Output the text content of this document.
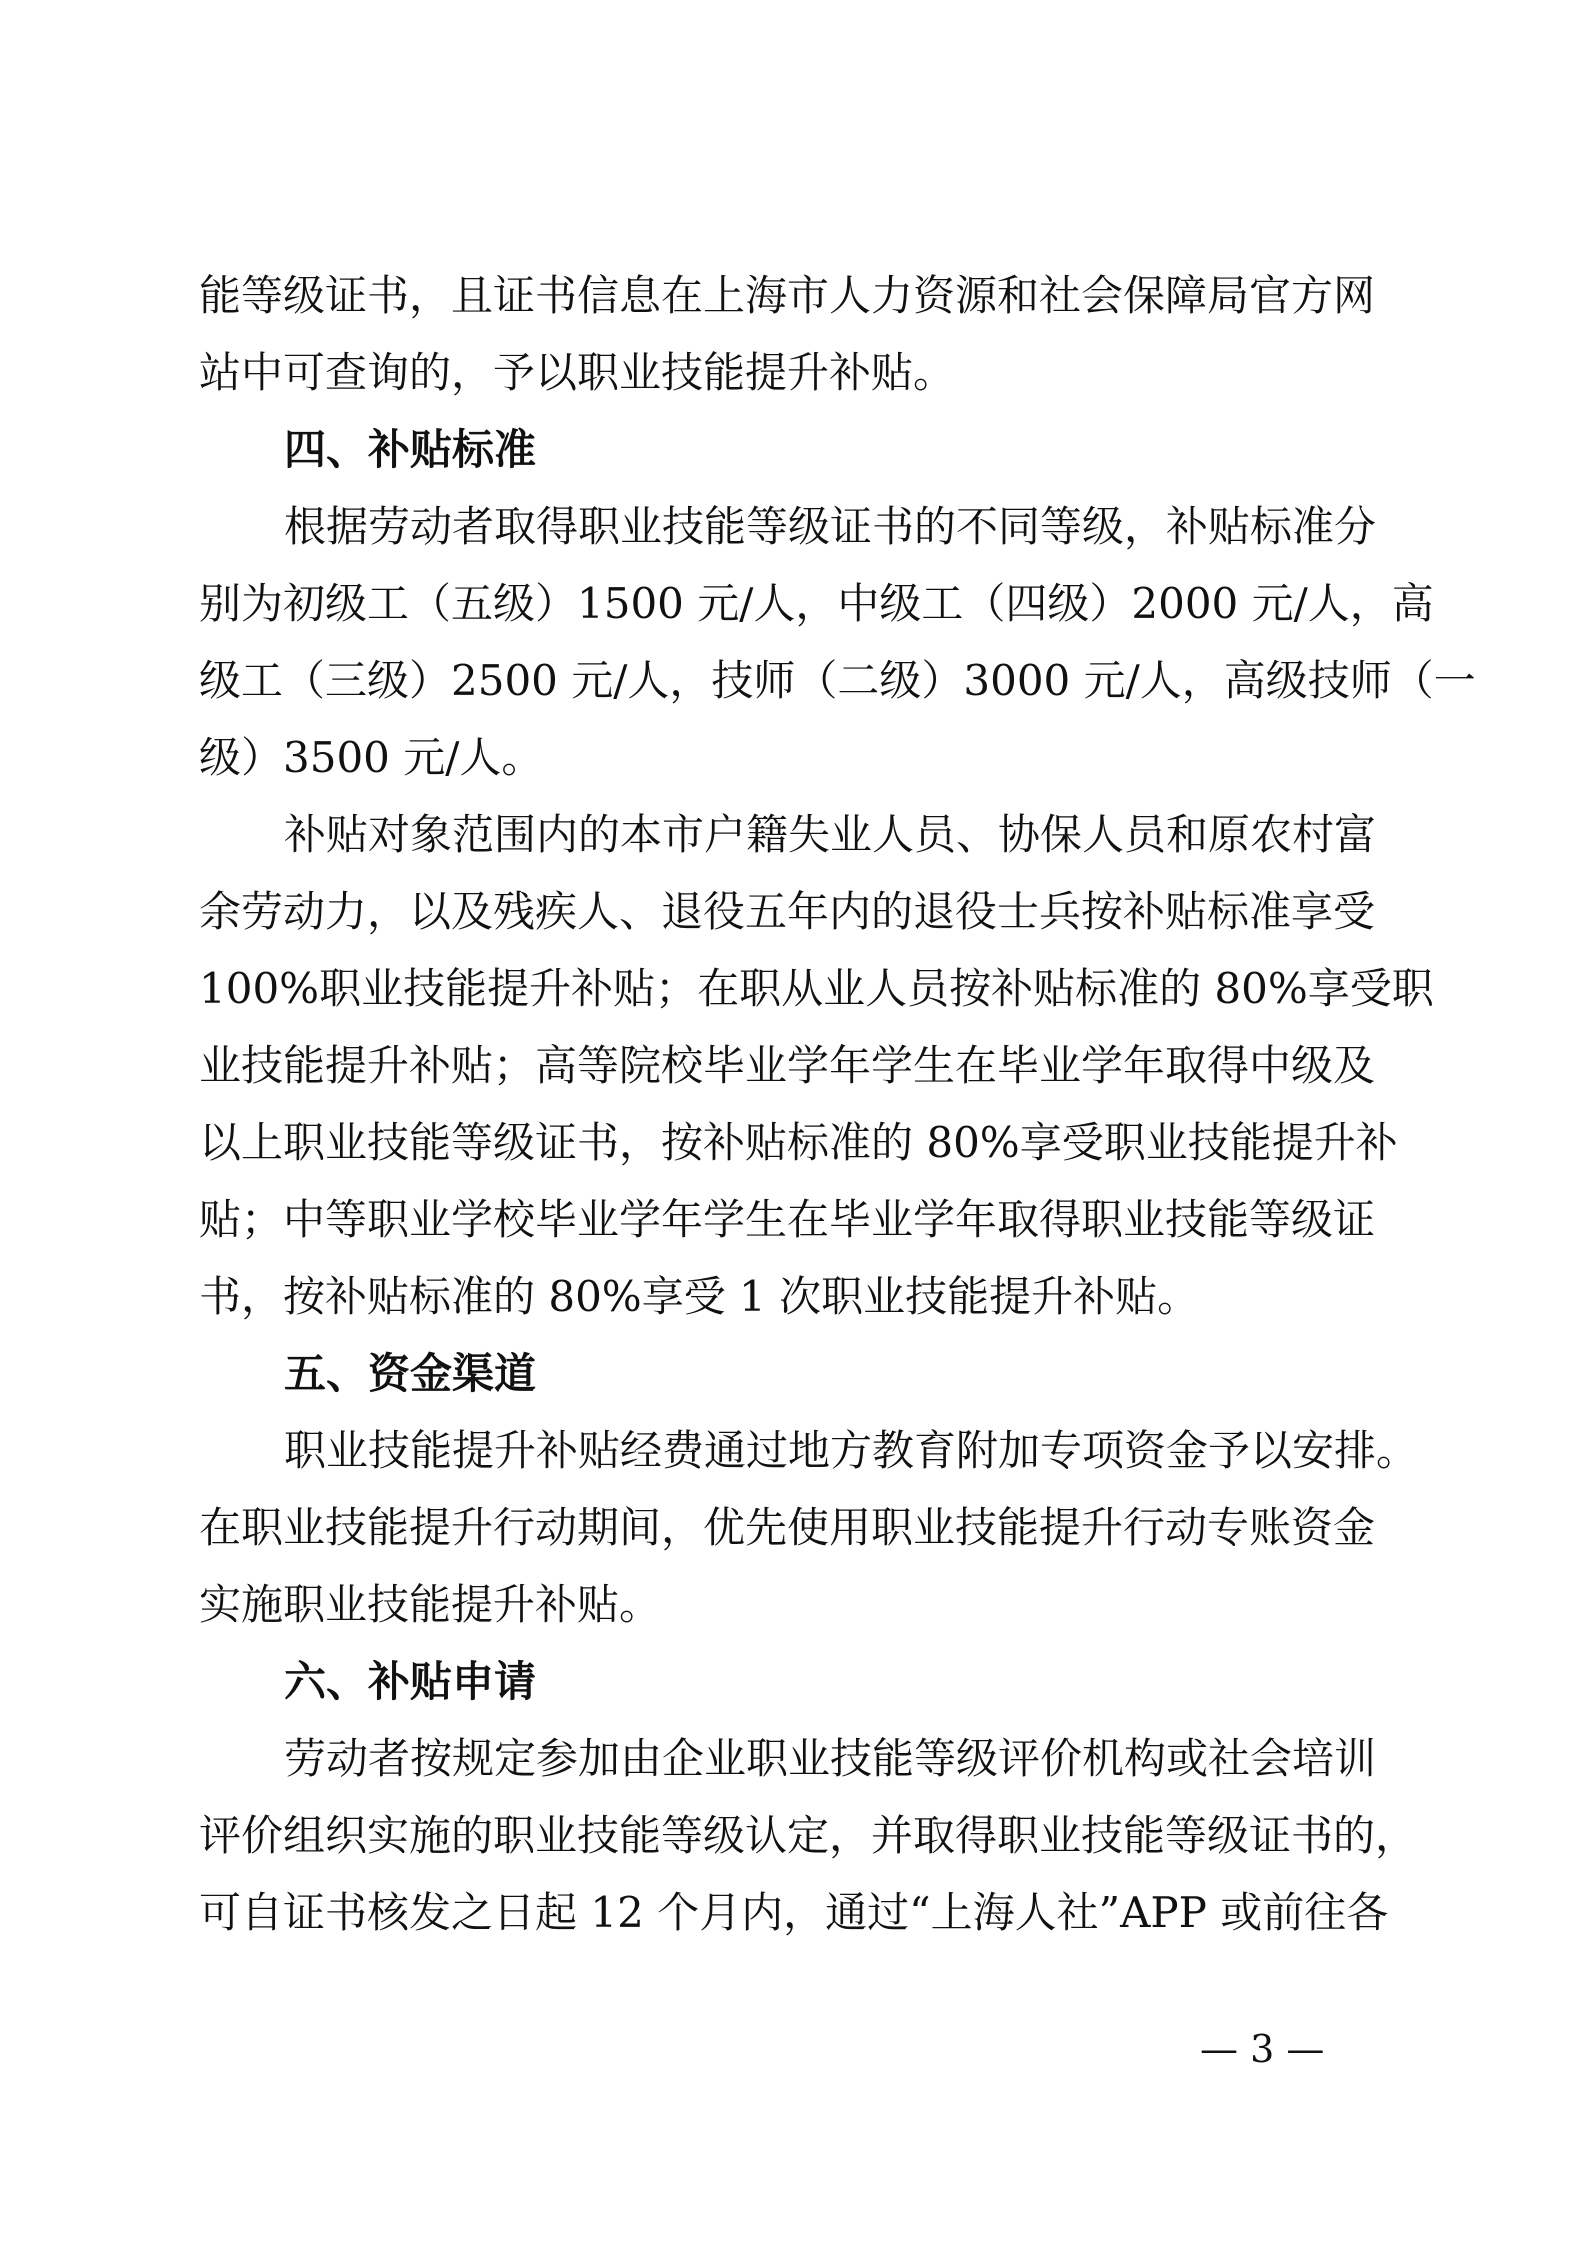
能等级证书，且证书信息在上海市人力资源和社会保障局官方网
站中可查询的，予以职业技能提升补贴。
四、补贴标准
根据劳动者取得职业技能等级证书的不同等级，补贴标准分
别为初级工（五级）1500 元/人，中级工（四级）2000 元/人，高
级工（三级）2500 元/人，技师（二级）3000 元/人，高级技师（一
级）3500 元/人。
补贴对象范围内的本市户籍失业人员、协保人员和原农村富
余劳动力，以及残疾人、退役五年内的退役士兵按补贴标准享受
100%职业技能提升补贴；在职从业人员按补贴标准的 80%享受职
业技能提升补贴；高等院校毕业学年学生在毕业学年取得中级及
以上职业技能等级证书，按补贴标准的 80%享受职业技能提升补
贴；中等职业学校毕业学年学生在毕业学年取得职业技能等级证
书，按补贴标准的 80%享受 1 次职业技能提升补贴。
五、资金渠道
职业技能提升补贴经费通过地方教育附加专项资金予以安排。
在职业技能提升行动期间，优先使用职业技能提升行动专账资金
实施职业技能提升补贴。
六、补贴申请
劳动者按规定参加由企业职业技能等级评价机构或社会培训
评价组织实施的职业技能等级认定，并取得职业技能等级证书的，
可自证书核发之日起 12 个月内，通过“上海人社”APP 或前往各
— 3 —
